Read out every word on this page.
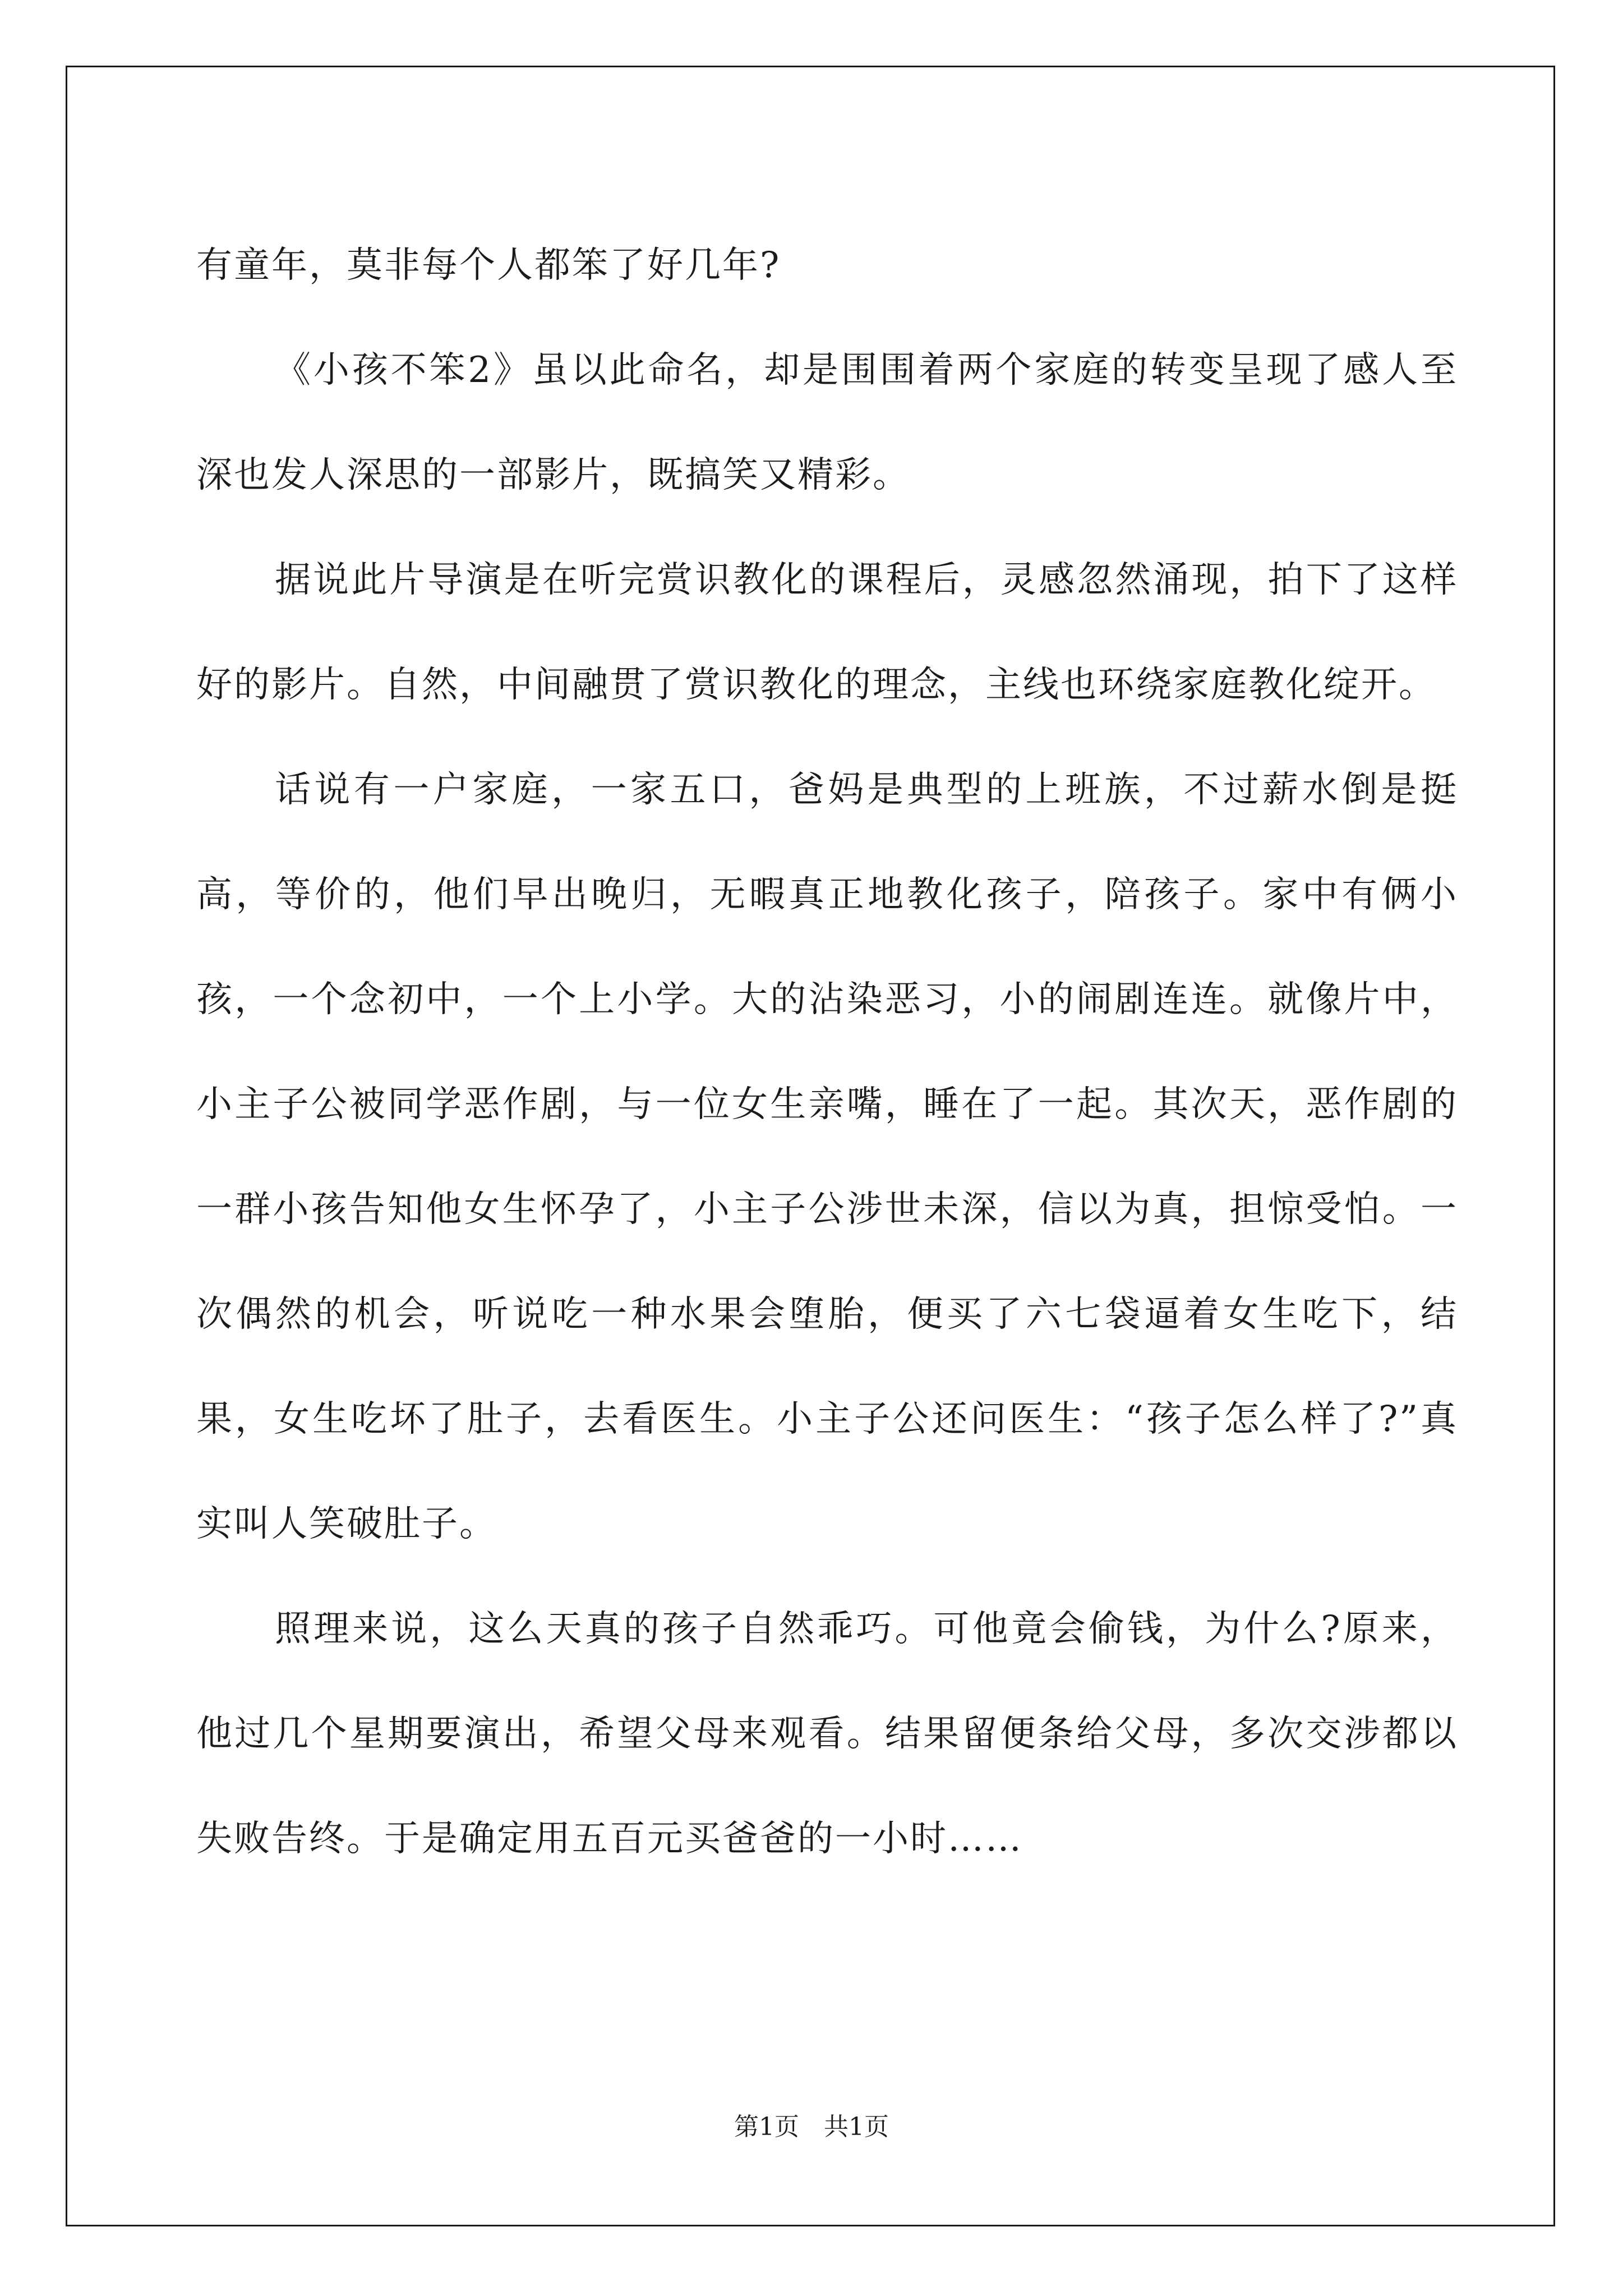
有童年，莫非每个人都笨了好几年?

《小孩不笨2》虽以此命名，却是围围着两个家庭的转变呈现了感人至深也发人深思的一部影片，既搞笑又精彩。

据说此片导演是在听完赏识教化的课程后，灵感忽然涌现，拍下了这样好的影片。自然，中间融贯了赏识教化的理念，主线也环绕家庭教化绽开。

话说有一户家庭，一家五口，爸妈是典型的上班族，不过薪水倒是挺高，等价的，他们早出晚归，无暇真正地教化孩子，陪孩子。家中有俩小孩，一个念初中，一个上小学。大的沾染恶习，小的闹剧连连。就像片中，小主子公被同学恶作剧，与一位女生亲嘴，睡在了一起。其次天，恶作剧的一群小孩告知他女生怀孕了，小主子公涉世未深，信以为真，担惊受怕。一次偶然的机会，听说吃一种水果会堕胎，便买了六七袋逼着女生吃下，结果，女生吃坏了肚子，去看医生。小主子公还问医生：“孩子怎么样了?”真实叫人笑破肚子。

照理来说，这么天真的孩子自然乖巧。可他竟会偷钱，为什么?原来，他过几个星期要演出，希望父母来观看。结果留便条给父母，多次交涉都以失败告终。于是确定用五百元买爸爸的一小时……

第1页 共1页
